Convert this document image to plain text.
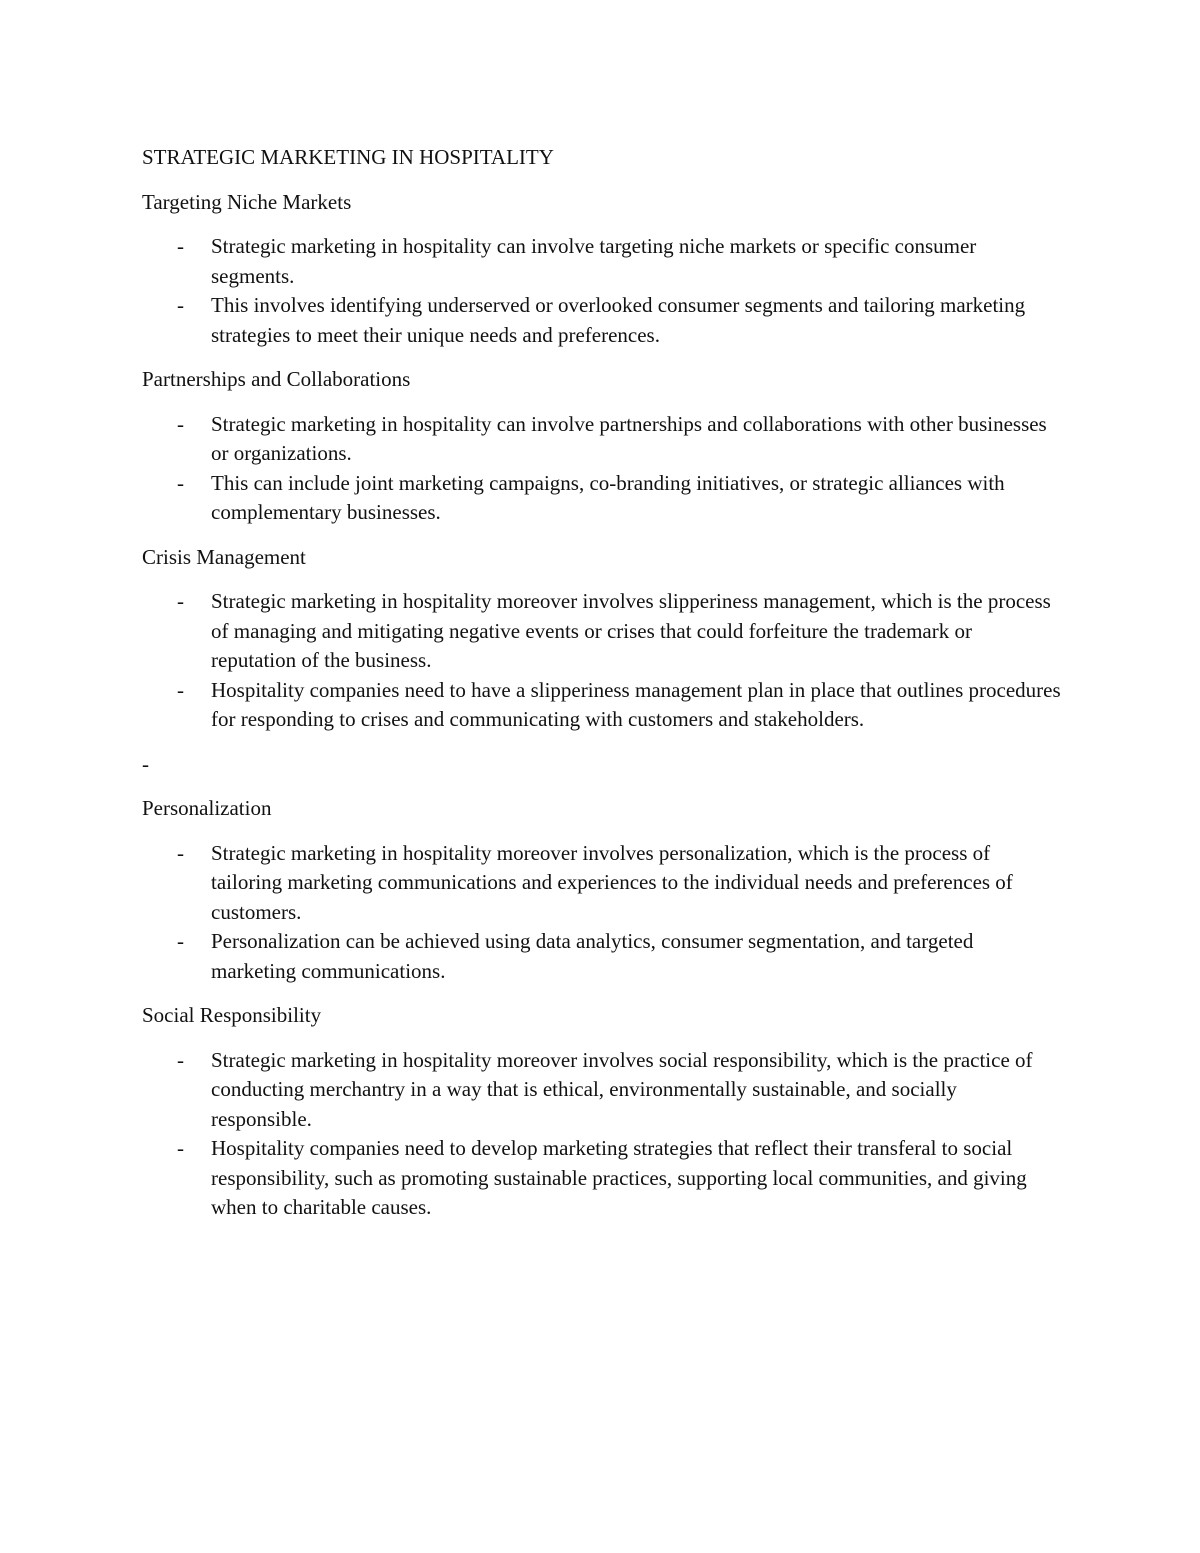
STRATEGIC MARKETING IN HOSPITALITY

Targeting Niche Markets

- Strategic marketing in hospitality can involve targeting niche markets or specific consumer segments.
- This involves identifying underserved or overlooked consumer segments and tailoring marketing strategies to meet their unique needs and preferences.

Partnerships and Collaborations

- Strategic marketing in hospitality can involve partnerships and collaborations with other businesses or organizations.
- This can include joint marketing campaigns, co-branding initiatives, or strategic alliances with complementary businesses.

Crisis Management

- Strategic marketing in hospitality moreover involves slipperiness management, which is the process of managing and mitigating negative events or crises that could forfeiture the trademark or reputation of the business.
- Hospitality companies need to have a slipperiness management plan in place that outlines procedures for responding to crises and communicating with customers and stakeholders.

-

Personalization

- Strategic marketing in hospitality moreover involves personalization, which is the process of tailoring marketing communications and experiences to the individual needs and preferences of customers.
- Personalization can be achieved using data analytics, consumer segmentation, and targeted marketing communications.

Social Responsibility

- Strategic marketing in hospitality moreover involves social responsibility, which is the practice of conducting merchantry in a way that is ethical, environmentally sustainable, and socially responsible.
- Hospitality companies need to develop marketing strategies that reflect their transferal to social responsibility, such as promoting sustainable practices, supporting local communities, and giving when to charitable causes.
